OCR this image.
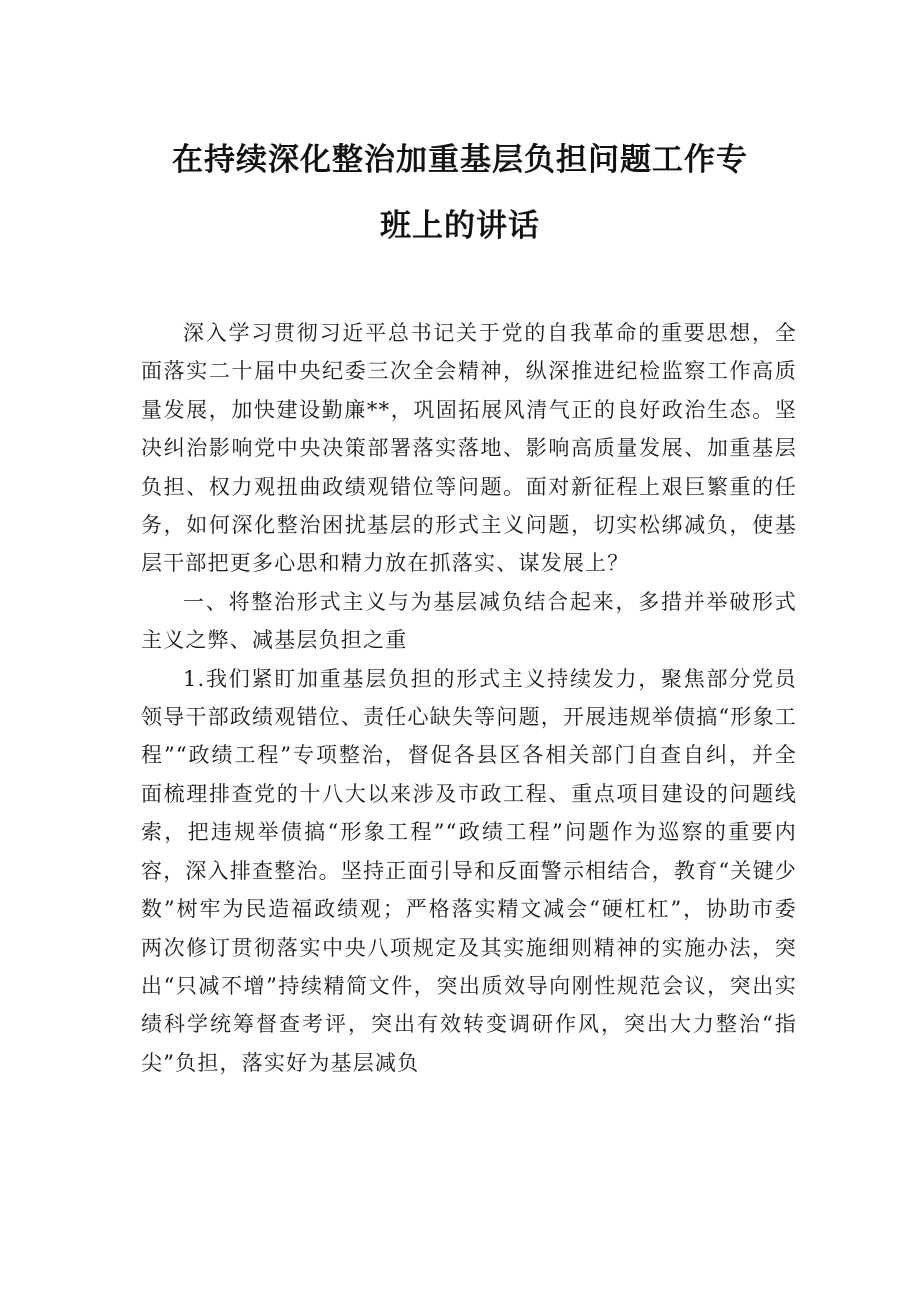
在持续深化整治加重基层负担问题工作专
班上的讲话

深入学习贯彻习近平总书记关于党的自我革命的重要思想，全面落实二十届中央纪委三次全会精神，纵深推进纪检监察工作高质量发展，加快建设勤廉**，巩固拓展风清气正的良好政治生态。坚决纠治影响党中央决策部署落实落地、影响高质量发展、加重基层负担、权力观扭曲政绩观错位等问题。面对新征程上艰巨繁重的任务，如何深化整治困扰基层的形式主义问题，切实松绑减负，使基层干部把更多心思和精力放在抓落实、谋发展上？

一、将整治形式主义与为基层减负结合起来，多措并举破形式主义之弊、减基层负担之重

1.我们紧盯加重基层负担的形式主义持续发力，聚焦部分党员领导干部政绩观错位、责任心缺失等问题，开展违规举债搞“形象工程”“政绩工程”专项整治，督促各县区各相关部门自查自纠，并全面梳理排查党的十八大以来涉及市政工程、重点项目建设的问题线索，把违规举债搞“形象工程”“政绩工程”问题作为巡察的重要内容，深入排查整治。坚持正面引导和反面警示相结合，教育“关键少数”树牢为民造福政绩观；严格落实精文减会“硬杠杠”，协助市委两次修订贯彻落实中央八项规定及其实施细则精神的实施办法，突出“只减不增”持续精简文件，突出质效导向刚性规范会议，突出实绩科学统筹督查考评，突出有效转变调研作风，突出大力整治“指尖”负担，落实好为基层减负
